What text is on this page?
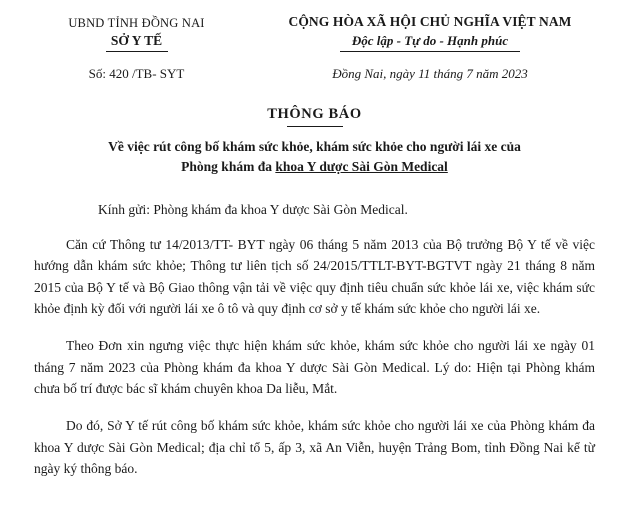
UBND TỈNH ĐỒNG NAI
SỞ Y TẾ
CỘNG HÒA XÃ HỘI CHỦ NGHĨA VIỆT NAM
Độc lập - Tự do - Hạnh phúc
Số: 420 /TB- SYT	Đồng Nai, ngày 11 tháng 7 năm 2023
THÔNG BÁO
Về việc rút công bố khám sức khỏe, khám sức khỏe cho người lái xe của
Phòng khám đa khoa Y dược Sài Gòn Medical
Kính gửi: Phòng khám đa khoa Y dược Sài Gòn Medical.

Căn cứ Thông tư 14/2013/TT- BYT ngày 06 tháng 5 năm 2013 của Bộ trưởng Bộ Y tế về việc hướng dẫn khám sức khỏe; Thông tư liên tịch số 24/2015/TTLT-BYT-BGTVT ngày 21 tháng 8 năm 2015 của Bộ Y tế và Bộ Giao thông vận tải về việc quy định tiêu chuẩn sức khỏe lái xe, việc khám sức khỏe định kỳ đối với người lái xe ô tô và quy định cơ sở y tế khám sức khỏe cho người lái xe.

Theo Đơn xin ngưng việc thực hiện khám sức khỏe, khám sức khỏe cho người lái xe ngày 01 tháng 7 năm 2023 của Phòng khám đa khoa Y dược Sài Gòn Medical. Lý do: Hiện tại Phòng khám chưa bố trí được bác sĩ khám chuyên khoa Da liễu, Mắt.

Do đó, Sở Y tế rút công bố khám sức khỏe, khám sức khỏe cho người lái xe của Phòng khám đa khoa Y dược Sài Gòn Medical; địa chỉ tổ 5, ấp 3, xã An Viễn, huyện Trảng Bom, tỉnh Đồng Nai kể từ ngày ký thông báo.
